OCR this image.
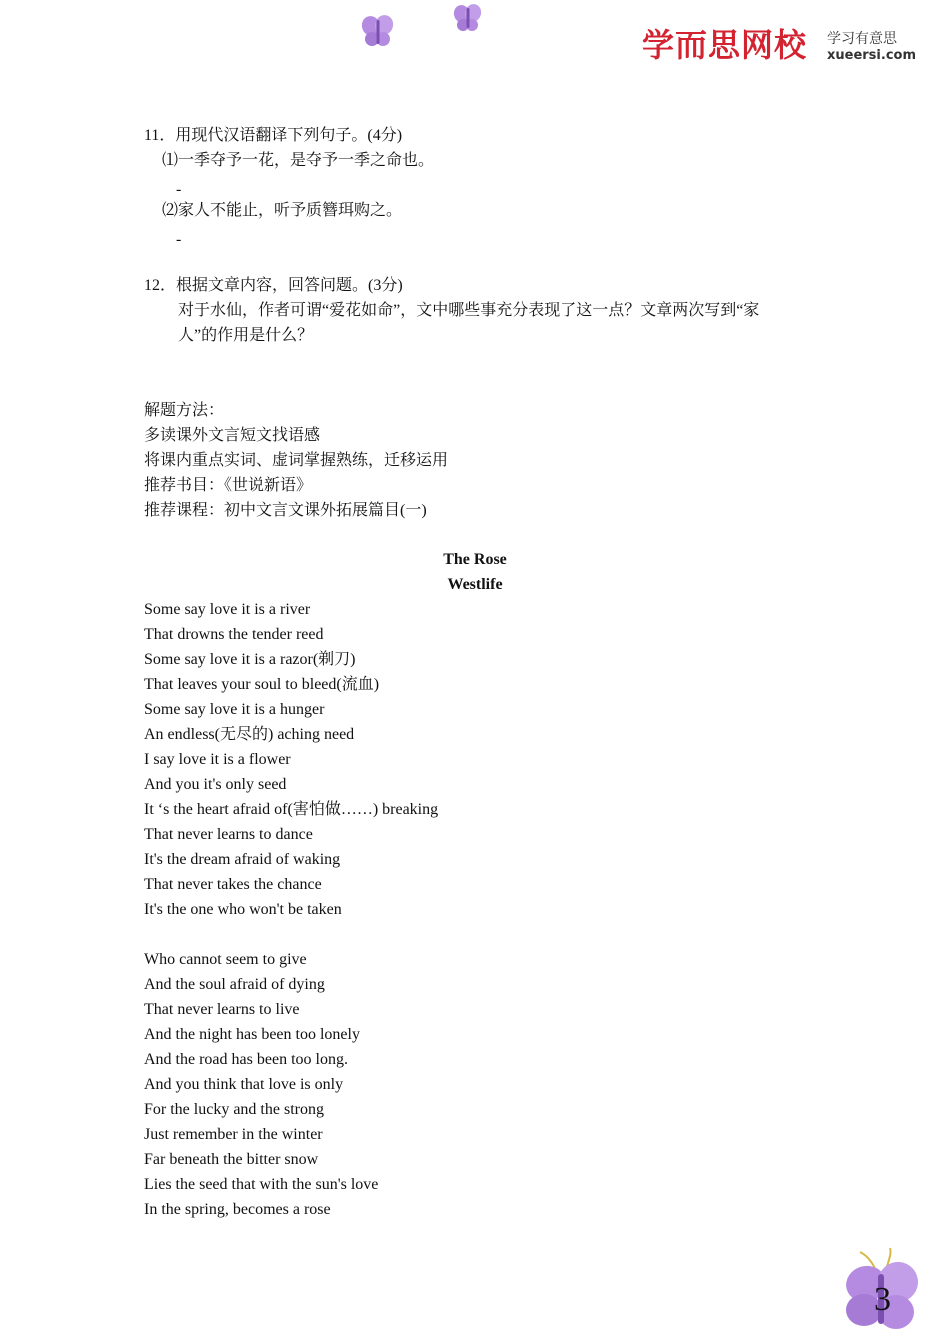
学而思网校 学习有意思
xueersi.com
11．用现代汉语翻译下列句子。(4分)
⑴一季夺予一花，是夺予一季之命也。
-
⑵家人不能止，听予质簪珥购之。
-
12．根据文章内容，回答问题。(3分)
对于水仙，作者可谓“爱花如命”，文中哪些事充分表现了这一点？文章两次写到“家
人”的作用是什么？
解题方法：
多读课外文言短文找语感
将课内重点实词、虚词掌握熟练，迁移运用
推荐书目：《世说新语》
推荐课程：初中文言文课外拓展篇目(一)
The Rose
Westlife
Some say love it is a river
That drowns the tender reed
Some say love it is a razor(剃刀)
That leaves your soul to bleed(流血)
Some say love it is a hunger
An endless(无尽的) aching need
I say love it is a flower
And you it's only seed
It ‘s the heart afraid of(害怕做……) breaking
That never learns to dance
It's the dream afraid of waking
That never takes the chance
It's the one who won't be taken
Who cannot seem to give
And the soul afraid of dying
That never learns to live
And the night has been too lonely
And the road has been too long.
And you think that love is only
For the lucky and the strong
Just remember in the winter
Far beneath the bitter snow
Lies the seed that with the sun's love
In the spring, becomes a rose
3
